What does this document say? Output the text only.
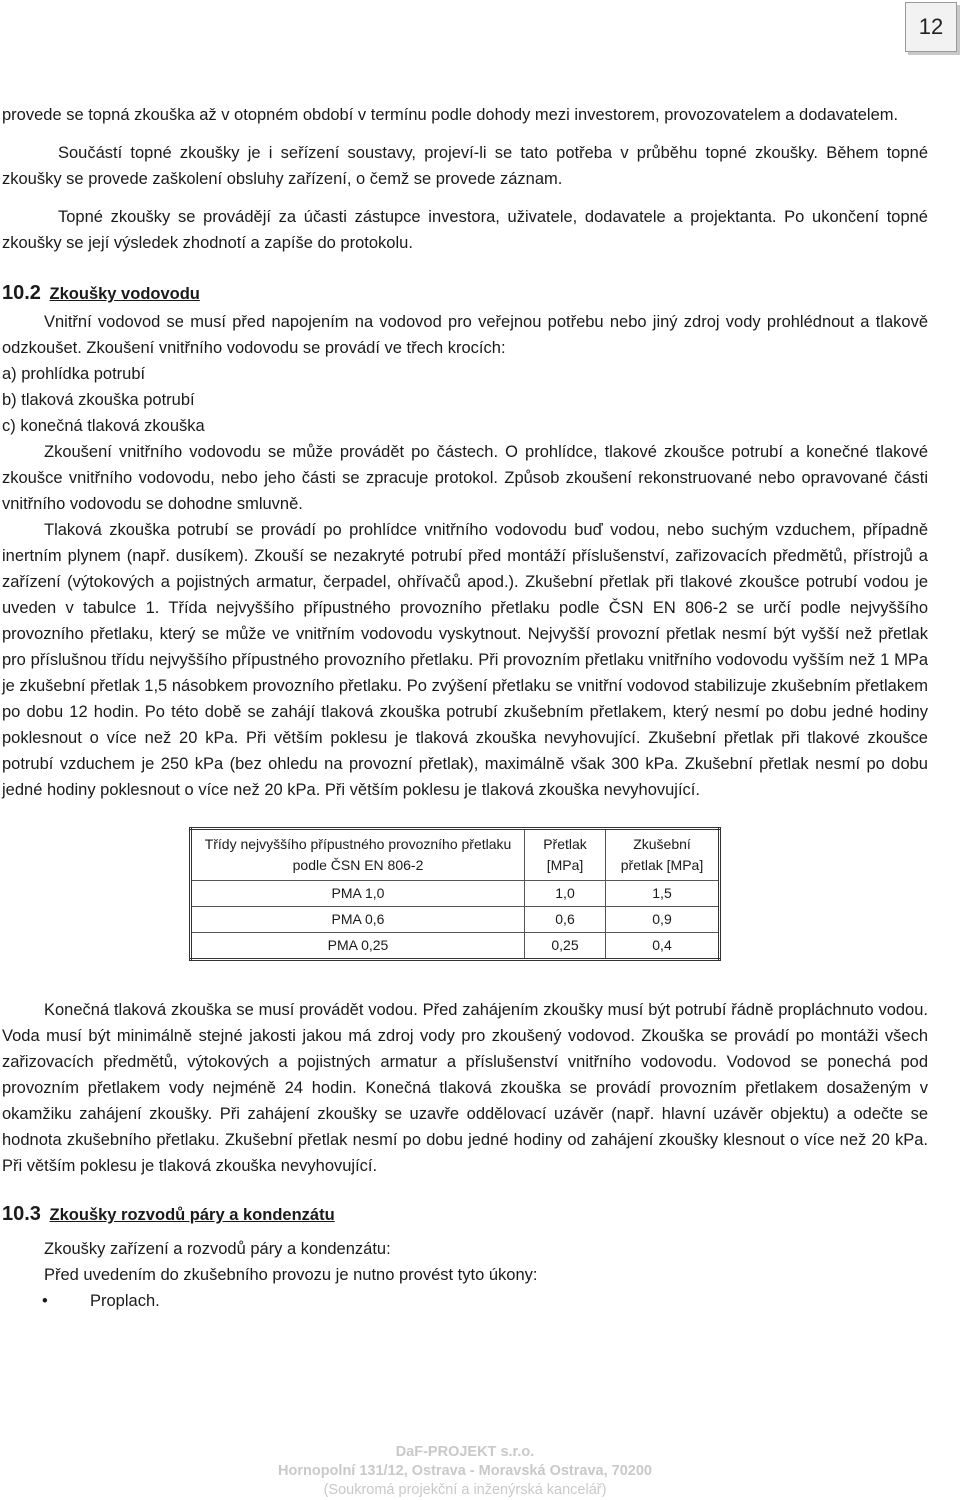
12

provede se topná zkouška až v otopném období v termínu podle dohody mezi investorem, provozovatelem a dodavatelem.

Součástí topné zkoušky je i seřízení soustavy, projeví-li se tato potřeba v průběhu topné zkoušky. Během topné zkoušky se provede zaškolení obsluhy zařízení, o čemž se provede záznam.

Topné zkoušky se provádějí za účasti zástupce investora, uživatele, dodavatele a projektanta. Po ukončení topné zkoušky se její výsledek zhodnotí a zapíše do protokolu.

10.2 Zkoušky vodovodu

Vnitřní vodovod se musí před napojením na vodovod pro veřejnou potřebu nebo jiný zdroj vody prohlédnout a tlakově odzkoušet. Zkoušení vnitřního vodovodu se provádí ve třech krocích:

a) prohlídka potrubí

b) tlaková zkouška potrubí

c) konečná tlaková zkouška

Zkoušení vnitřního vodovodu se může provádět po částech. O prohlídce, tlakové zkoušce potrubí a konečné tlakové zkoušce vnitřního vodovodu, nebo jeho části se zpracuje protokol. Způsob zkoušení rekonstruované nebo opravované části vnitřního vodovodu se dohodne smluvně.

Tlaková zkouška potrubí se provádí po prohlídce vnitřního vodovodu buď vodou, nebo suchým vzduchem, případně inertním plynem (např. dusíkem). Zkouší se nezakryté potrubí před montáží příslušenství, zařizovacích předmětů, přístrojů a zařízení (výtokových a pojistných armatur, čerpadel, ohřívačů apod.). Zkušební přetlak při tlakové zkoušce potrubí vodou je uveden v tabulce 1. Třída nejvyššího přípustného provozního přetlaku podle ČSN EN 806-2 se určí podle nejvyššího provozního přetlaku, který se může ve vnitřním vodovodu vyskytnout. Nejvyšší provozní přetlak nesmí být vyšší než přetlak pro příslušnou třídu nejvyššího přípustného provozního přetlaku. Při provozním přetlaku vnitřního vodovodu vyšším než 1 MPa je zkušební přetlak 1,5 násobkem provozního přetlaku. Po zvýšení přetlaku se vnitřní vodovod stabilizuje zkušebním přetlakem po dobu 12 hodin. Po této době se zahájí tlaková zkouška potrubí zkušebním přetlakem, který nesmí po dobu jedné hodiny poklesnout o více než 20 kPa. Při větším poklesu je tlaková zkouška nevyhovující. Zkušební přetlak při tlakové zkoušce potrubí vzduchem je 250 kPa (bez ohledu na provozní přetlak), maximálně však 300 kPa. Zkušební přetlak nesmí po dobu jedné hodiny poklesnout o více než 20 kPa. Při větším poklesu je tlaková zkouška nevyhovující.

Třídy nejvyššího přípustného provozního přetlaku podle ČSN EN 806-2	Přetlak [MPa]	Zkušební přetlak [MPa]
PMA 1,0	1,0	1,5
PMA 0,6	0,6	0,9
PMA 0,25	0,25	0,4

Konečná tlaková zkouška se musí provádět vodou. Před zahájením zkoušky musí být potrubí řádně propláchnuto vodou. Voda musí být minimálně stejné jakosti jakou má zdroj vody pro zkoušený vodovod. Zkouška se provádí po montáži všech zařizovacích předmětů, výtokových a pojistných armatur a příslušenství vnitřního vodovodu. Vodovod se ponechá pod provozním přetlakem vody nejméně 24 hodin. Konečná tlaková zkouška se provádí provozním přetlakem dosaženým v okamžiku zahájení zkoušky. Při zahájení zkoušky se uzavře oddělovací uzávěr (např. hlavní uzávěr objektu) a odečte se hodnota zkušebního přetlaku. Zkušební přetlak nesmí po dobu jedné hodiny od zahájení zkoušky klesnout o více než 20 kPa. Při větším poklesu je tlaková zkouška nevyhovující.

10.3 Zkoušky rozvodů páry a kondenzátu

Zkoušky zařízení a rozvodů páry a kondenzátu:

Před uvedením do zkušebního provozu je nutno provést tyto úkony:

•	Proplach.
DaF-PROJEKT s.r.o.
Hornopolní 131/12, Ostrava - Moravská Ostrava, 70200
(Soukromá projekční a inženýrská kancelář)
